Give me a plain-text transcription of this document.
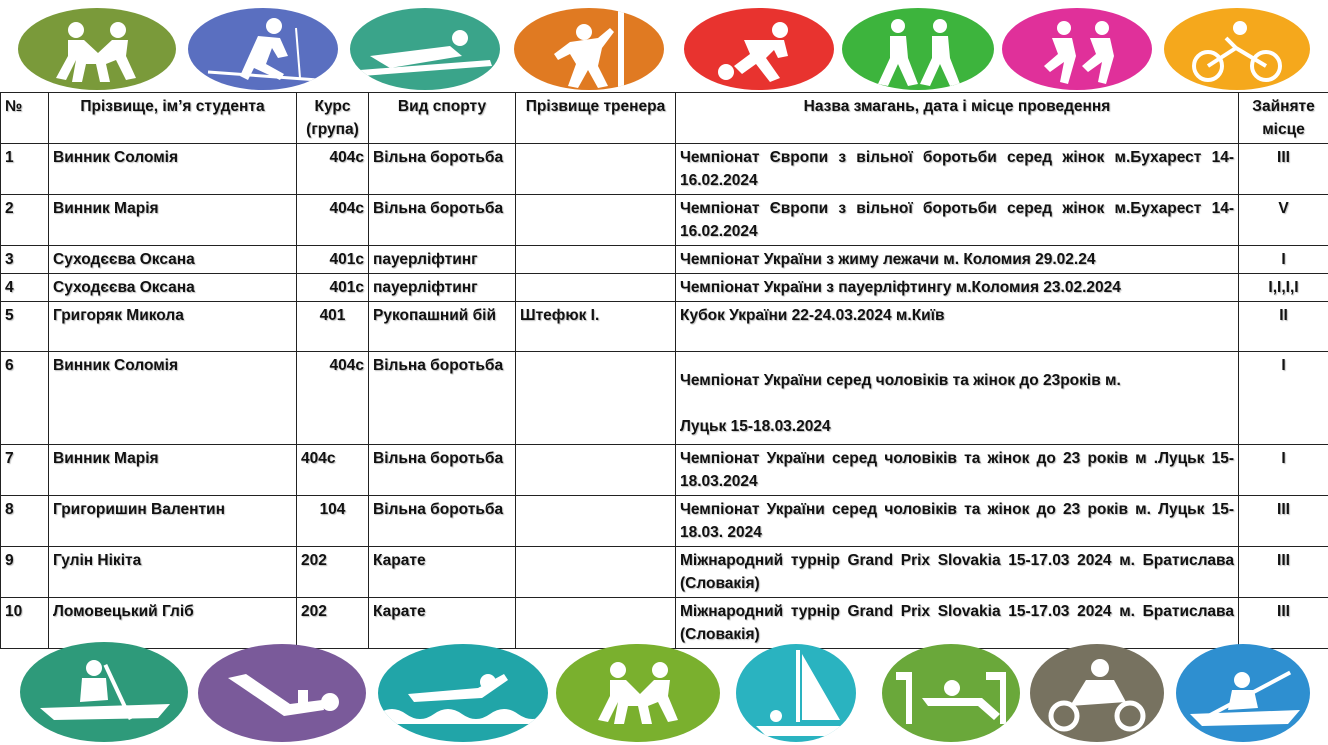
№	Прізвище, ім’я студента	Курс (група)	Вид спорту	Прізвище тренера	Назва змагань, дата і місце проведення	Зайняте місце
1	Винник Соломія	404с	Вільна боротьба		Чемпіонат Європи з вільної боротьби серед жінок м.Бухарест 14-16.02.2024	III
2	Винник Марія	404с	Вільна боротьба		Чемпіонат Європи з вільної боротьби серед жінок м.Бухарест 14-16.02.2024	V
3	Суходєєва Оксана	401с	пауерліфтинг		Чемпіонат України з жиму лежачи м. Коломия 29.02.24	I
4	Суходєєва Оксана	401с	пауерліфтинг		Чемпіонат України з пауерліфтингу м.Коломия 23.02.2024	I,I,I,I
5	Григоряк Микола	401	Рукопашний бій	Штефюк І.	Кубок України 22-24.03.2024 м.Київ	II
6	Винник Соломія	404с	Вільна боротьба		Чемпіонат України серед чоловіків та жінок до 23років м.
Луцьк 15-18.03.2024	I
7	Винник Марія	404с	Вільна боротьба		Чемпіонат України серед чоловіків та жінок до 23 років м .Луцьк 15-18.03.2024	I
8	Григоришин Валентин	104	Вільна боротьба		Чемпіонат України серед чоловіків та жінок до 23 років м. Луцьк 15-18.03. 2024	III
9	Гулін Нікіта	202	Карате		Міжнародний турнір Grand Prix Slovakia 15-17.03 2024 м. Братислава (Словакія)	III
10	Ломовецький Гліб	202	Карате		Міжнародний турнір Grand Prix Slovakia 15-17.03 2024 м. Братислава (Словакія)	III
